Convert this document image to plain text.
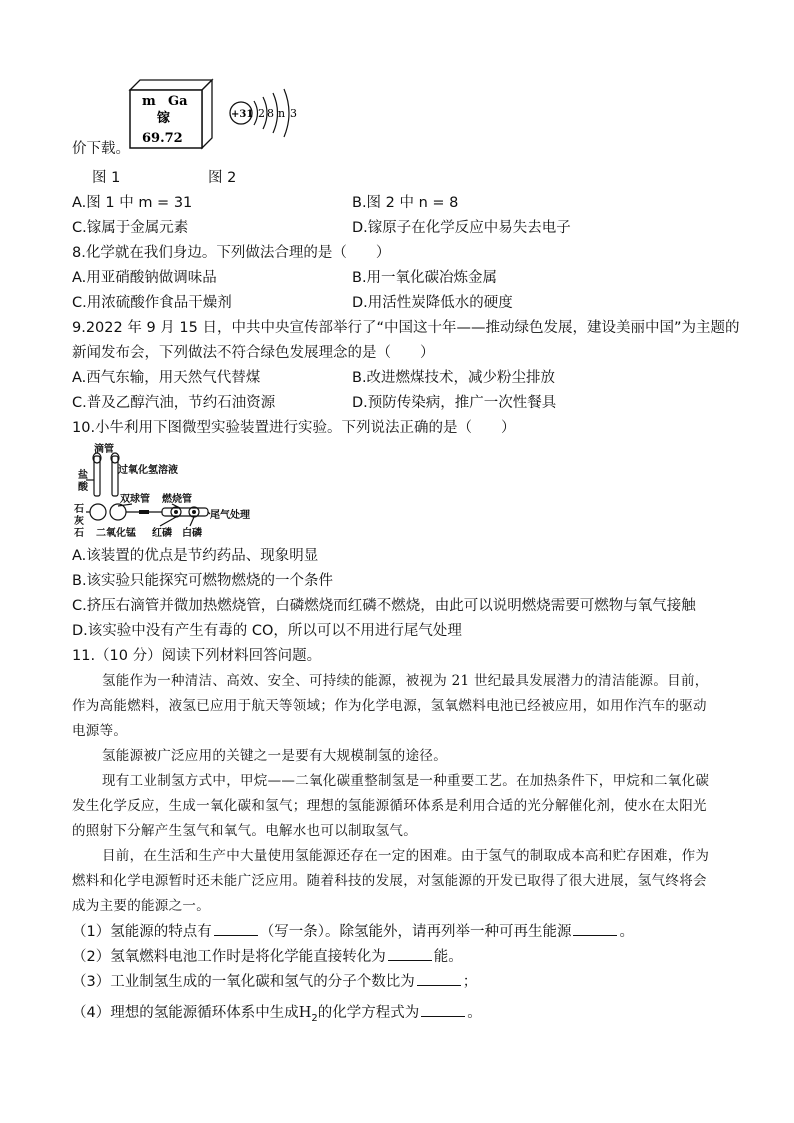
m Ga
镓
69.72
+31 2 8 n 3
价下载。
图 1	图 2
A.图 1 中 m = 31	B.图 2 中 n = 8
C.镓属于金属元素	D.镓原子在化学反应中易失去电子
8.化学就在我们身边。下列做法合理的是（　　）
A.用亚硝酸钠做调味品	B.用一氧化碳冶炼金属
C.用浓硫酸作食品干燥剂	D.用活性炭降低水的硬度
9.2022 年 9 月 15 日，中共中央宣传部举行了“中国这十年——推动绿色发展，建设美丽中国”为主题的
新闻发布会，下列做法不符合绿色发展理念的是（　　）
A.西气东输，用天然气代替煤	B.改进燃煤技术，减少粉尘排放
C.普及乙醇汽油，节约石油资源	D.预防传染病，推广一次性餐具
10.小牛利用下图微型实验装置进行实验。下列说法正确的是（　　）
滴管
过氧化氢溶液
盐
酸
双球管 燃烧管
尾气处理
石
灰
石 二氧化锰 红磷 白磷
A.该装置的优点是节约药品、现象明显
B.该实验只能探究可燃物燃烧的一个条件
C.挤压右滴管并微加热燃烧管，白磷燃烧而红磷不燃烧，由此可以说明燃烧需要可燃物与氧气接触
D.该实验中没有产生有毒的 CO，所以可以不用进行尾气处理
11.（10 分）阅读下列材料回答问题。
氢能作为一种清洁、高效、安全、可持续的能源，被视为 21 世纪最具发展潜力的清洁能源。目前，
作为高能燃料，液氢已应用于航天等领域；作为化学电源，氢氧燃料电池已经被应用，如用作汽车的驱动
电源等。
氢能源被广泛应用的关键之一是要有大规模制氢的途径。
现有工业制氢方式中，甲烷——二氧化碳重整制氢是一种重要工艺。在加热条件下，甲烷和二氧化碳
发生化学反应，生成一氧化碳和氢气；理想的氢能源循环体系是利用合适的光分解催化剂，使水在太阳光
的照射下分解产生氢气和氧气。电解水也可以制取氢气。
目前，在生活和生产中大量使用氢能源还存在一定的困难。由于氢气的制取成本高和贮存困难，作为
燃料和化学电源暂时还未能广泛应用。随着科技的发展，对氢能源的开发已取得了很大进展，氢气终将会
成为主要的能源之一。
（1）氢能源的特点有	（写一条）。除氢能外，请再列举一种可再生能源	。
（2）氢氧燃料电池工作时是将化学能直接转化为	能。
（3）工业制氢生成的一氧化碳和氢气的分子个数比为	；
（4）理想的氢能源循环体系中生成$H_2$的化学方程式为	。
